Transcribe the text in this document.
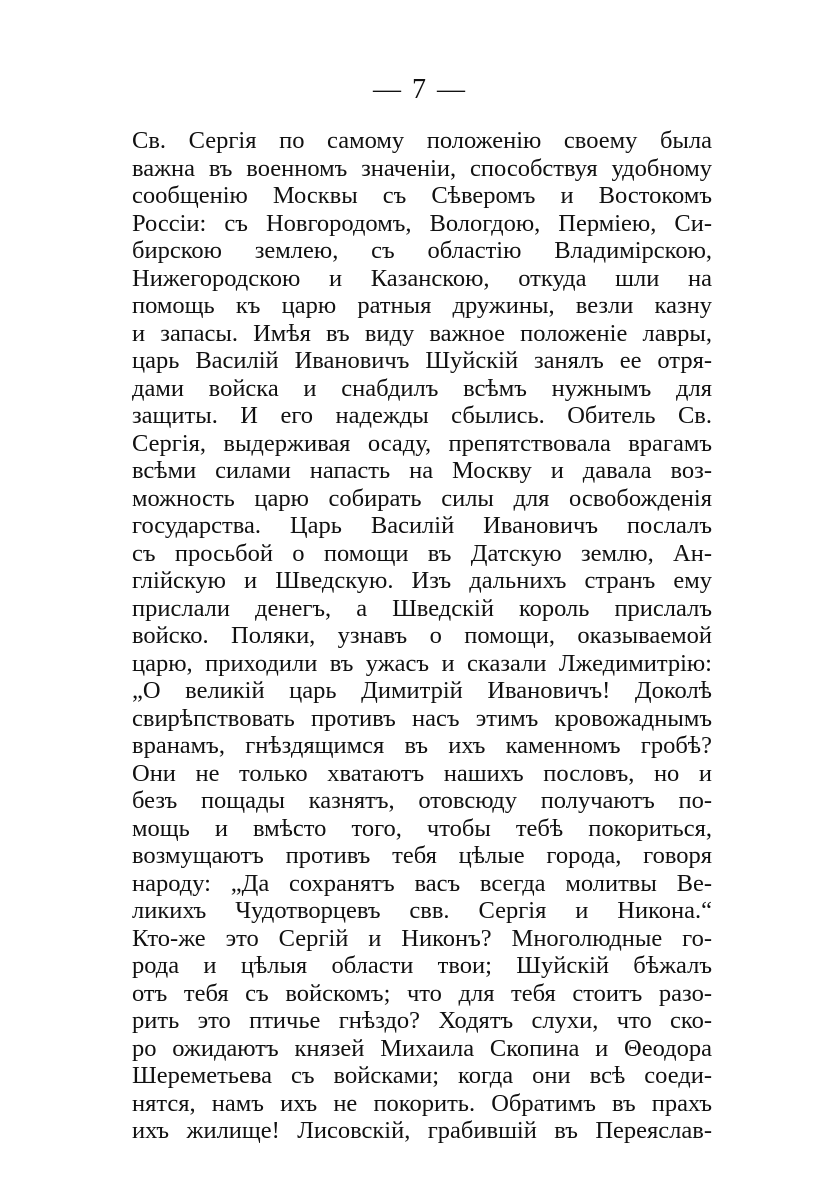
— 7 —
Св. Сергія по самому положенію своему была
важна въ военномъ значеніи, способствуя удобному
сообщенію Москвы съ Сѣверомъ и Востокомъ
Россіи: съ Новгородомъ, Вологдою, Перміею, Си-
бирскою землею, съ областію Владимірскою,
Нижегородскою и Казанскою, откуда шли на
помощь къ царю ратныя дружины, везли казну
и запасы. Имѣя въ виду важное положеніе лавры,
царь Василій Ивановичъ Шуйскій занялъ ее отря-
дами войска и снабдилъ всѣмъ нужнымъ для
защиты. И его надежды сбылись. Обитель Св.
Сергія, выдерживая осаду, препятствовала врагамъ
всѣми силами напасть на Москву и давала воз-
можность царю собирать силы для освобожденія
государства. Царь Василій Ивановичъ послалъ
съ просьбой о помощи въ Датскую землю, Ан-
глійскую и Шведскую. Изъ дальнихъ странъ ему
прислали денегъ, а Шведскій король прислалъ
войско. Поляки, узнавъ о помощи, оказываемой
царю, приходили въ ужасъ и сказали Лжедимитрію:
„О великій царь Димитрій Ивановичъ! Доколѣ
свирѣпствовать противъ насъ этимъ кровожаднымъ
вранамъ, гнѣздящимся въ ихъ каменномъ гробѣ?
Они не только хватаютъ нашихъ пословъ, но и
безъ пощады казнятъ, отовсюду получаютъ по-
мощь и вмѣсто того, чтобы тебѣ покориться,
возмущаютъ противъ тебя цѣлые города, говоря
народу: „Да сохранятъ васъ всегда молитвы Ве-
ликихъ Чудотворцевъ свв. Сергія и Никона.“
Кто-же это Сергій и Никонъ? Многолюдные го-
рода и цѣлыя области твои; Шуйскій бѣжалъ
отъ тебя съ войскомъ; что для тебя стоитъ разо-
рить это птичье гнѣздо? Ходятъ слухи, что ско-
ро ожидаютъ князей Михаила Скопина и Θеодора
Шереметьева съ войсками; когда они всѣ соеди-
нятся, намъ ихъ не покорить. Обратимъ въ прахъ
ихъ жилище! Лисовскій, грабившій въ Переяслав-
